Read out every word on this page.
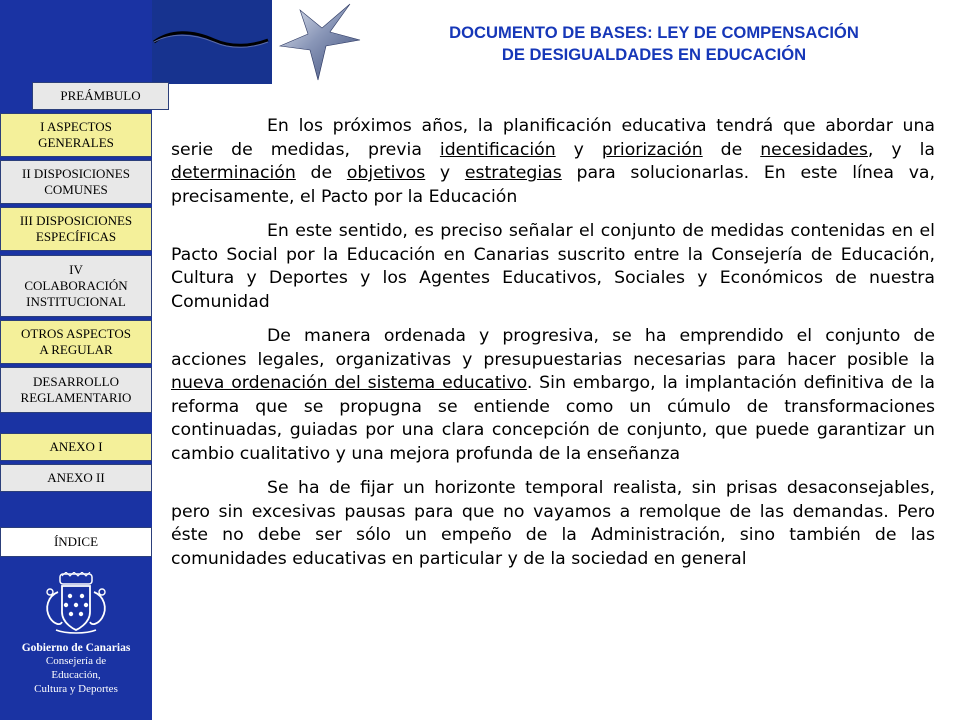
DOCUMENTO DE BASES: LEY DE COMPENSACIÓN
DE DESIGUALDADES EN EDUCACIÓN
PREÁMBULO
I ASPECTOS
GENERALES
II DISPOSICIONES
COMUNES
III DISPOSICIONES
ESPECÍFICAS
IV
COLABORACIÓN
INSTITUCIONAL
OTROS ASPECTOS
A REGULAR
DESARROLLO
REGLAMENTARIO
ANEXO I
ANEXO II
ÍNDICE
Gobierno de Canarias
Consejería de Educación,
Cultura y Deportes

En los próximos años, la planificación educativa tendrá que abordar una serie de medidas, previa identificación y priorización de necesidades, y la determinación de objetivos y estrategias para solucionarlas. En este línea va, precisamente, el Pacto por la Educación

En este sentido, es preciso señalar el conjunto de medidas contenidas en el Pacto Social por la Educación en Canarias suscrito entre la Consejería de Educación, Cultura y Deportes y los Agentes Educativos, Sociales y Económicos de nuestra Comunidad

De manera ordenada y progresiva, se ha emprendido el conjunto de acciones legales, organizativas y presupuestarias necesarias para hacer posible la nueva ordenación del sistema educativo. Sin embargo, la implantación definitiva de la reforma que se propugna se entiende como un cúmulo de transformaciones continuadas, guiadas por una clara concepción de conjunto, que puede garantizar un cambio cualitativo y una mejora profunda de la enseñanza

Se ha de fijar un horizonte temporal realista, sin prisas desaconsejables, pero sin excesivas pausas para que no vayamos a remolque de las demandas. Pero éste no debe ser sólo un empeño de la Administración, sino también de las comunidades educativas en particular y de la sociedad en general
